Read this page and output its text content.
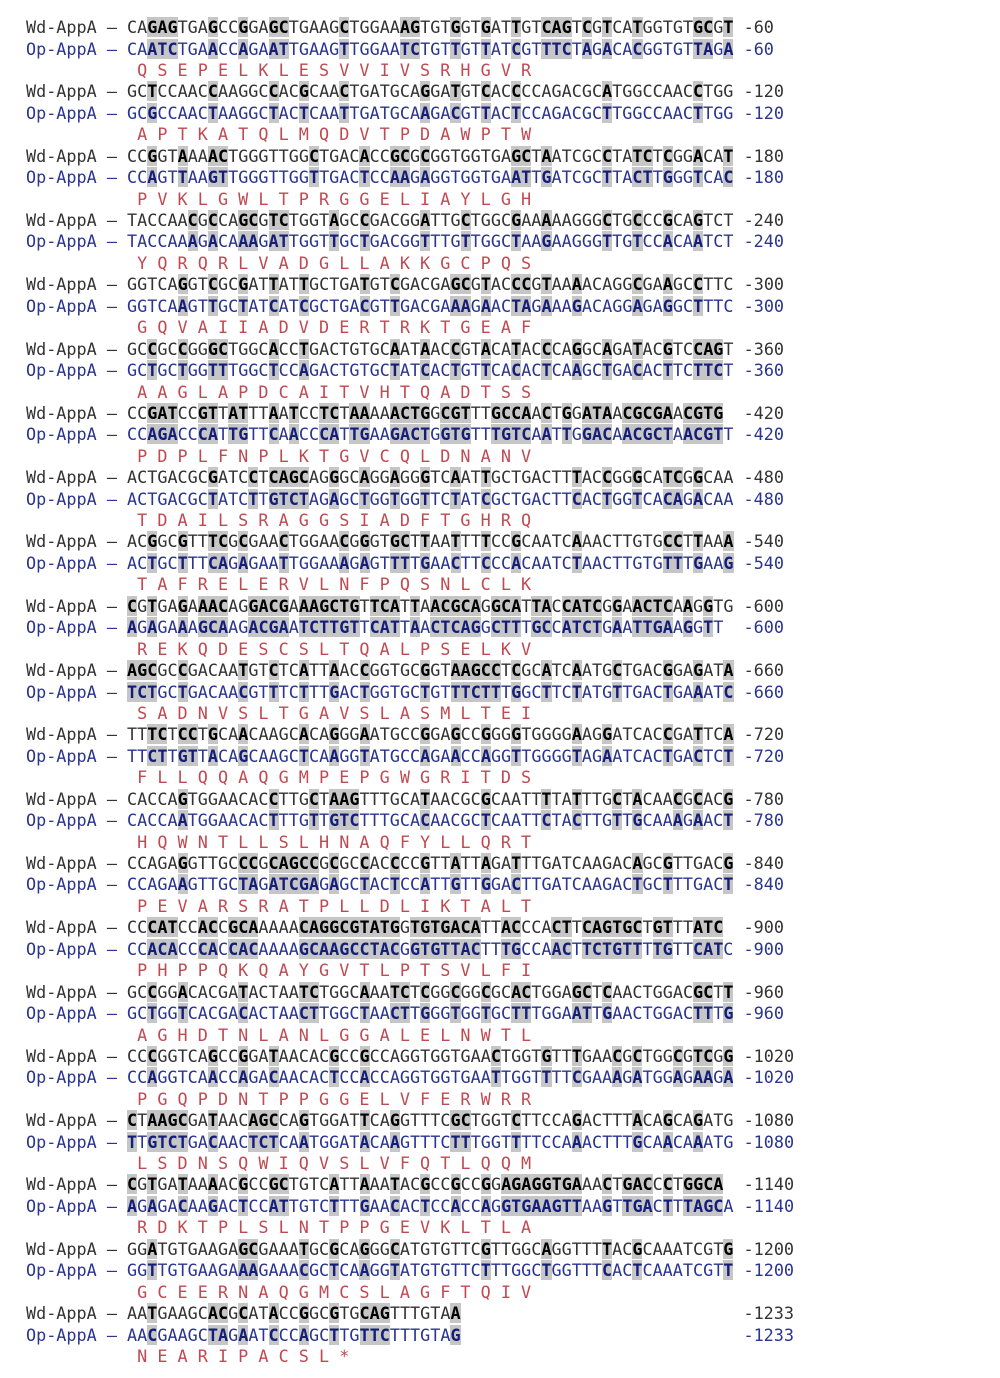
Wd-AppA – CAGAGTGAGCCGGAGCTGAAGCTGGAAAGTGTGGTGATTGTCAGTCGTCATGGTGTGCGT -60
Op-AppA – CAATCTGAACCAGAATTGAAGTTGGAATCTGTTGTTATCGTTTCTAGACACGGTGTTAGA -60
Q S E P E L K L E S V V I V S R H G V R
Wd-AppA – GCTCCAACCAAGGCCACGCAACTGATGCAGGATGTCACCCCAGACGCATGGCCAACCTGG -120
Op-AppA – GCGCCAACTAAGGCTACTCAATTGATGCAAGACGTTACTCCAGACGCTTGGCCAACTTGG -120
A P T K A T Q L M Q D V T P D A W P T W
Wd-AppA – CCGGTAAAACTGGGTTGGCTGACACCGCGCGGTGGTGAGCTAATCGCCTATCTCGGACAT -180
Op-AppA – CCAGTTAAGTTGGGTTGGTTGACTCCAAGAGGTGGTGAATTGATCGCTTACTTGGGTCAC -180
P V K L G W L T P R G G E L I A Y L G H
Wd-AppA – TACCAACGCCAGCGTCTGGTAGCCGACGGATTGCTGGCGAAAAAGGGCTGCCCGCAGTCT -240
Op-AppA – TACCAAAGACAAAGATTGGTTGCTGACGGTTTGTTGGCTAAGAAGGGTTGTCCACAATCT -240
Y Q R Q R L V A D G L L A K K G C P Q S
Wd-AppA – GGTCAGGTCGCGATTATTGCTGATGTCGACGAGCGTACCCGTAAAACAGGCGAAGCCTTC -300
Op-AppA – GGTCAAGTTGCTATCATCGCTGACGTTGACGAAAGAACTAGAAAGACAGGAGAGGCTTTC -300
G Q V A I I A D V D E R T R K T G E A F
Wd-AppA – GCCGCCGGGCTGGCACCTGACTGTGCAATAACCGTACATACCCAGGCAGATACGTCCAGT -360
Op-AppA – GCTGCTGGTTTGGCTCCAGACTGTGCTATCACTGTTCACACTCAAGCTGACACTTCTTCT -360
A A G L A P D C A I T V H T Q A D T S S
Wd-AppA – CCGATCCGTTATTTAATCCTCTAAAAACTGGCGTTTGCCAACTGGATAACGCGAACGTG  -420
Op-AppA – CCAGACCCATTGTTCAACCCATTGAAGACTGGTGTTTGTCAATTGGACAACGCTAACGTT -420
P D P L F N P L K T G V C Q L D N A N V
Wd-AppA – ACTGACGCGATCCTCAGCAGGGCAGGAGGGTCAATTGCTGACTTTACCGGGCATCGGCAA -480
Op-AppA – ACTGACGCTATCTTGTCTAGAGCTGGTGGTTCTATCGCTGACTTCACTGGTCACAGACAA -480
T D A I L S R A G G S I A D F T G H R Q
Wd-AppA – ACGGCGTTTCGCGAACTGGAACGGGTGCTTAATTTTCCGCAATCAAACTTGTGCCTTAAA -540
Op-AppA – ACTGCTTTCAGAGAATTGGAAAGAGTTTTGAACTTCCCACAATCTAACTTGTGTTTGAAG -540
T A F R E L E R V L N F P Q S N L C L K
Wd-AppA – CGTGAGAAACAGGACGAAAGCTGTTCATTAACGCAGGCATTACCATCGGAACTCAAGGTG -600
Op-AppA – AGAGAAAGCAAGACGAATCTTGTTCATTAACTCAGGCTTTGCCATCTGAATTGAAGGTT  -600
R E K Q D E S C S L T Q A L P S E L K V
Wd-AppA – AGCGCCGACAATGTCTCATTAACCGGTGCGGTAAGCCTCGCATCAATGCTGACGGAGATA -660
Op-AppA – TCTGCTGACAACGTTTCTTTGACTGGTGCTGTTTCTTTGGCTTCTATGTTGACTGAAATC -660
S A D N V S L T G A V S L A S M L T E I
Wd-AppA – TTTCTCCTGCAACAAGCACAGGGAATGCCGGAGCCGGGGTGGGGAAGGATCACCGATTCA -720
Op-AppA – TTCTTGTTACAGCAAGCTCAAGGTATGCCAGAACCAGGTTGGGGTAGAATCACTGACTCT -720
F L L Q Q A Q G M P E P G W G R I T D S
Wd-AppA – CACCAGTGGAACACCTTGCTAAGTTTGCATAACGCGCAATTTTATTTGCTACAACGCACG -780
Op-AppA – CACCAATGGAACACTTTGTTGTCTTTGCACAACGCTCAATTCTACTTGTTGCAAAGAACT -780
H Q W N T L L S L H N A Q F Y L L Q R T
Wd-AppA – CCAGAGGTTGCCCGCAGCCGCGCCACCCCGTTATTAGATTTGATCAAGACAGCGTTGACG -840
Op-AppA – CCAGAAGTTGCTAGATCGAGAGCTACTCCATTGTTGGACTTGATCAAGACTGCTTTGACT -840
P E V A R S R A T P L L D L I K T A L T
Wd-AppA – CCCATCCACCGCAAAAACAGGCGTATGGTGTGACATTACCCACTTCAGTGCTGTTTATC  -900
Op-AppA – CCACACCCACCACAAAAGCAAGCCTACGGTGTTACTTTGCCAACTTCTGTTTTGTTCATC -900
P H P P Q K Q A Y G V T L P T S V L F I
Wd-AppA – GCCGGACACGATACTAATCTGGCAAATCTCGGCGGCGCACTGGAGCTCAACTGGACGCTT -960
Op-AppA – GCTGGTCACGACACTAACTTGGCTAACTTGGGTGGTGCTTTGGAATTGAACTGGACTTTG -960
A G H D T N L A N L G G A L E L N W T L
Wd-AppA – CCCGGTCAGCCGGATAACACGCCGCCAGGTGGTGAACTGGTGTTTGAACGCTGGCGTCGG -1020
Op-AppA – CCAGGTCAACCAGACAACACTCCACCAGGTGGTGAATTGGTTTTCGAAAGATGGAGAAGA -1020
P G Q P D N T P P G G E L V F E R W R R
Wd-AppA – CTAAGCGATAACAGCCAGTGGATTCAGGTTTCGCTGGTCTTCCAGACTTTACAGCAGATG -1080
Op-AppA – TTGTCTGACAACTCTCAATGGATACAAGTTTCTTTGGTTTTCCAAACTTTGCAACAAATG -1080
L S D N S Q W I Q V S L V F Q T L Q Q M
Wd-AppA – CGTGATAAAACGCCGCTGTCATTAAATACGCCGCCGGAGAGGTGAAACTGACCCTGGCA  -1140
Op-AppA – AGAGACAAGACTCCATTGTCTTTGAACACTCCACCAGGTGAAGTTAAGTTGACTTTAGCA -1140
R D K T P L S L N T P P G E V K L T L A
Wd-AppA – GGATGTGAAGAGCGAAATGCGCAGGGCATGTGTTCGTTGGCAGGTTTTACGCAAATCGTG -1200
Op-AppA – GGTTGTGAAGAAAGAAACGCTCAAGGTATGTGTTCTTTGGCTGGTTTCACTCAAATCGTT -1200
G C E E R N A Q G M C S L A G F T Q I V
Wd-AppA – AATGAAGCACGCATACCGGCGTGCAGTTTGTAA                            -1233
Op-AppA – AACGAAGCTAGAATCCCAGCTTGTTCTTTGTAG                            -1233
N E A R I P A C S L *
